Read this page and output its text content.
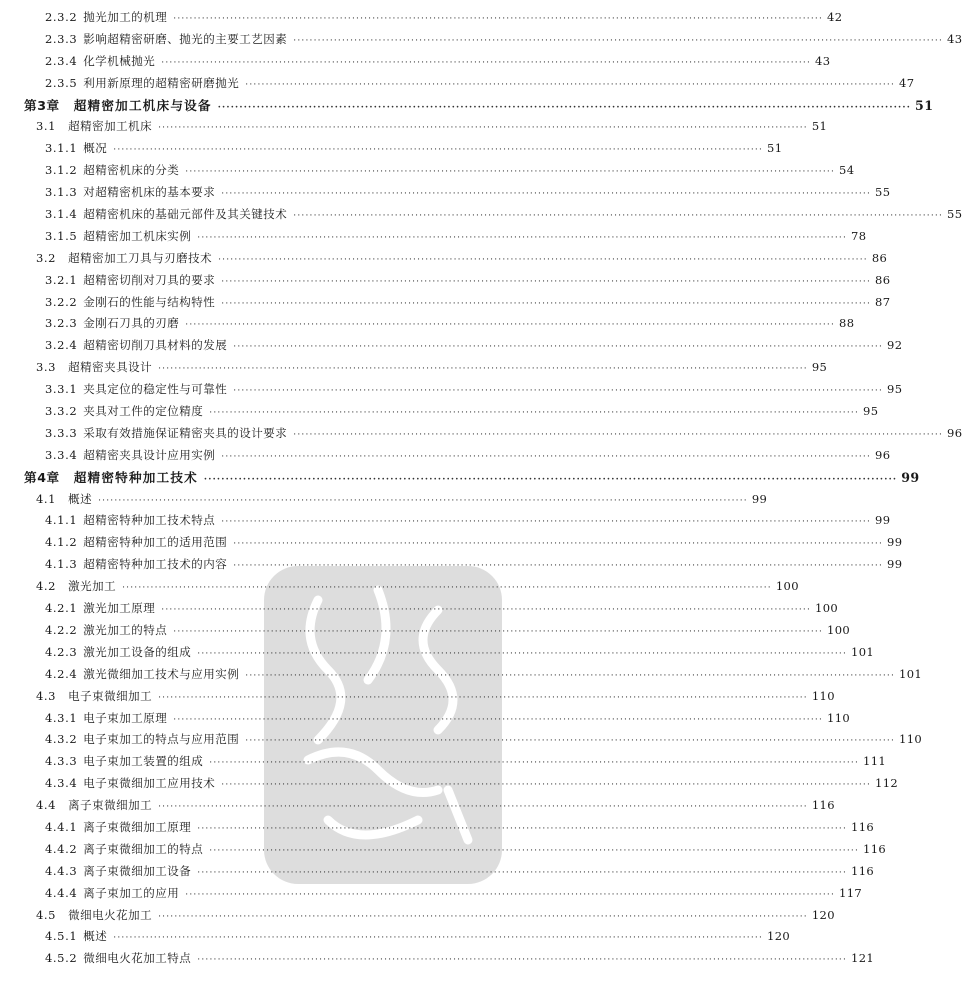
2.3.2 抛光加工的机理 ································································································································································ 42
2.3.3 影响超精密研磨、抛光的主要工艺因素 ································································································································································ 43
2.3.4 化学机械抛光 ································································································································································ 43
2.3.5 利用新原理的超精密研磨抛光 ································································································································································ 47
第3章 超精密加工机床与设备 ································································································································································ 51
3.1 超精密加工机床 ································································································································································ 51
3.1.1 概况 ································································································································································ 51
3.1.2 超精密机床的分类 ································································································································································ 54
3.1.3 对超精密机床的基本要求 ································································································································································ 55
3.1.4 超精密机床的基础元部件及其关键技术 ································································································································································ 55
3.1.5 超精密加工机床实例 ································································································································································ 78
3.2 超精密加工刀具与刃磨技术 ································································································································································ 86
3.2.1 超精密切削对刀具的要求 ································································································································································ 86
3.2.2 金刚石的性能与结构特性 ································································································································································ 87
3.2.3 金刚石刀具的刃磨 ································································································································································ 88
3.2.4 超精密切削刀具材料的发展 ································································································································································ 92
3.3 超精密夹具设计 ································································································································································ 95
3.3.1 夹具定位的稳定性与可靠性 ································································································································································ 95
3.3.2 夹具对工件的定位精度 ································································································································································ 95
3.3.3 采取有效措施保证精密夹具的设计要求 ································································································································································ 96
3.3.4 超精密夹具设计应用实例 ································································································································································ 96
第4章 超精密特种加工技术 ································································································································································ 99
4.1 概述 ································································································································································ 99
4.1.1 超精密特种加工技术特点 ································································································································································ 99
4.1.2 超精密特种加工的适用范围 ································································································································································ 99
4.1.3 超精密特种加工技术的内容 ································································································································································ 99
4.2 激光加工 ································································································································································ 100
4.2.1 激光加工原理 ································································································································································ 100
4.2.2 激光加工的特点 ································································································································································ 100
4.2.3 激光加工设备的组成 ································································································································································ 101
4.2.4 激光微细加工技术与应用实例 ································································································································································ 101
4.3 电子束微细加工 ································································································································································ 110
4.3.1 电子束加工原理 ································································································································································ 110
4.3.2 电子束加工的特点与应用范围 ································································································································································ 110
4.3.3 电子束加工装置的组成 ································································································································································ 111
4.3.4 电子束微细加工应用技术 ································································································································································ 112
4.4 离子束微细加工 ································································································································································ 116
4.4.1 离子束微细加工原理 ································································································································································ 116
4.4.2 离子束微细加工的特点 ································································································································································ 116
4.4.3 离子束微细加工设备 ································································································································································ 116
4.4.4 离子束加工的应用 ································································································································································ 117
4.5 微细电火花加工 ································································································································································ 120
4.5.1 概述 ································································································································································ 120
4.5.2 微细电火花加工特点 ································································································································································ 121
